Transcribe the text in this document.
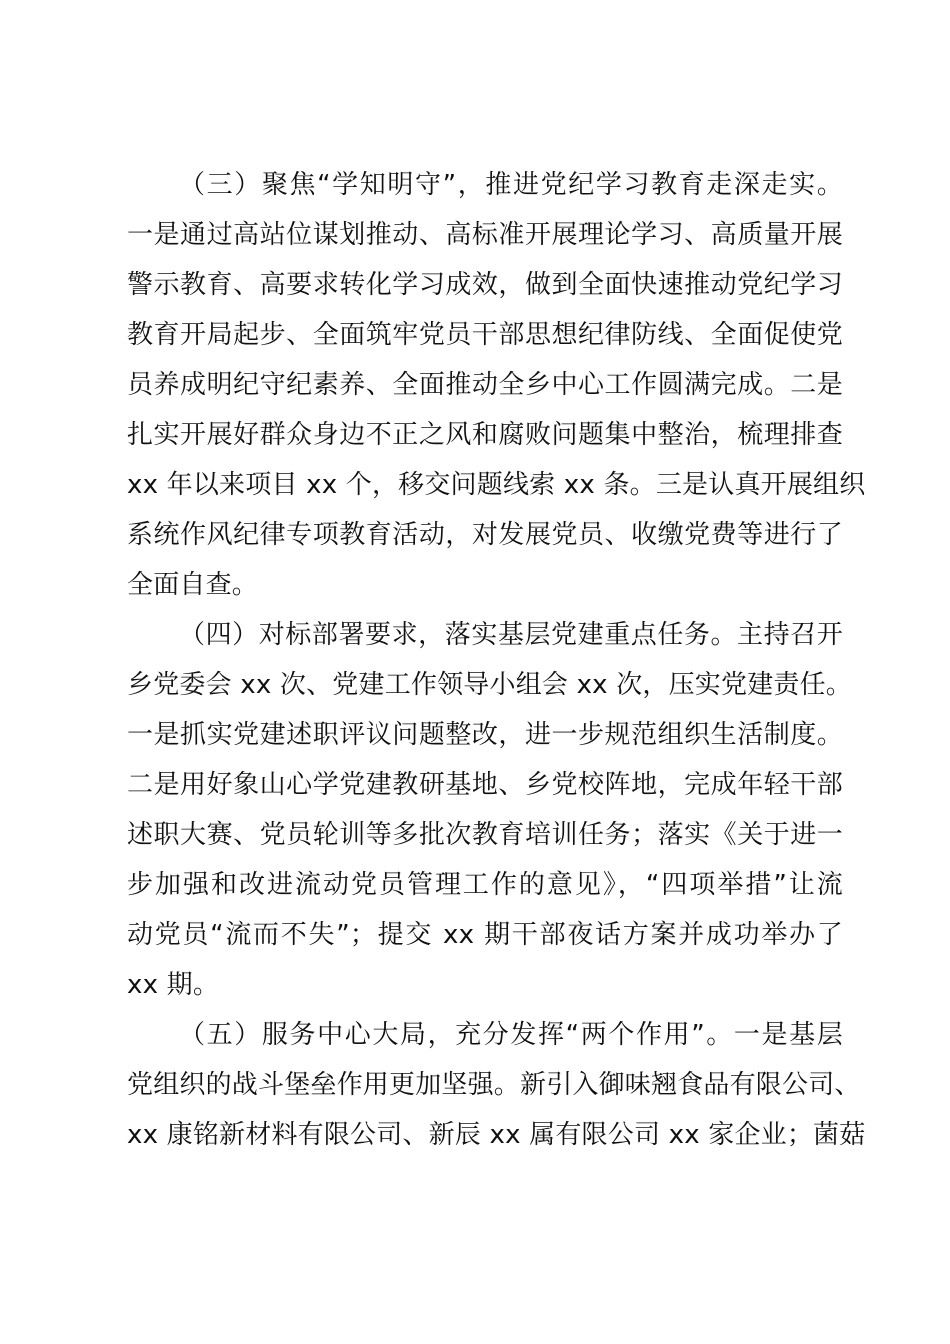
（三）聚焦“学知明守”，推进党纪学习教育走深走实。
一是通过高站位谋划推动、高标准开展理论学习、高质量开展
警示教育、高要求转化学习成效，做到全面快速推动党纪学习
教育开局起步、全面筑牢党员干部思想纪律防线、全面促使党
员养成明纪守纪素养、全面推动全乡中心工作圆满完成。二是
扎实开展好群众身边不正之风和腐败问题集中整治，梳理排查
xx 年以来项目 xx 个，移交问题线索 xx 条。三是认真开展组织
系统作风纪律专项教育活动，对发展党员、收缴党费等进行了
全面自查。
（四）对标部署要求，落实基层党建重点任务。主持召开
乡党委会 xx 次、党建工作领导小组会 xx 次，压实党建责任。
一是抓实党建述职评议问题整改，进一步规范组织生活制度。
二是用好象山心学党建教研基地、乡党校阵地，完成年轻干部
述职大赛、党员轮训等多批次教育培训任务；落实《关于进一
步加强和改进流动党员管理工作的意见》，“四项举措”让流
动党员“流而不失”；提交 xx 期干部夜话方案并成功举办了
xx 期。
（五）服务中心大局，充分发挥“两个作用”。一是基层
党组织的战斗堡垒作用更加坚强。新引入御味翘食品有限公司、
xx 康铭新材料有限公司、新辰 xx 属有限公司 xx 家企业；菌菇
